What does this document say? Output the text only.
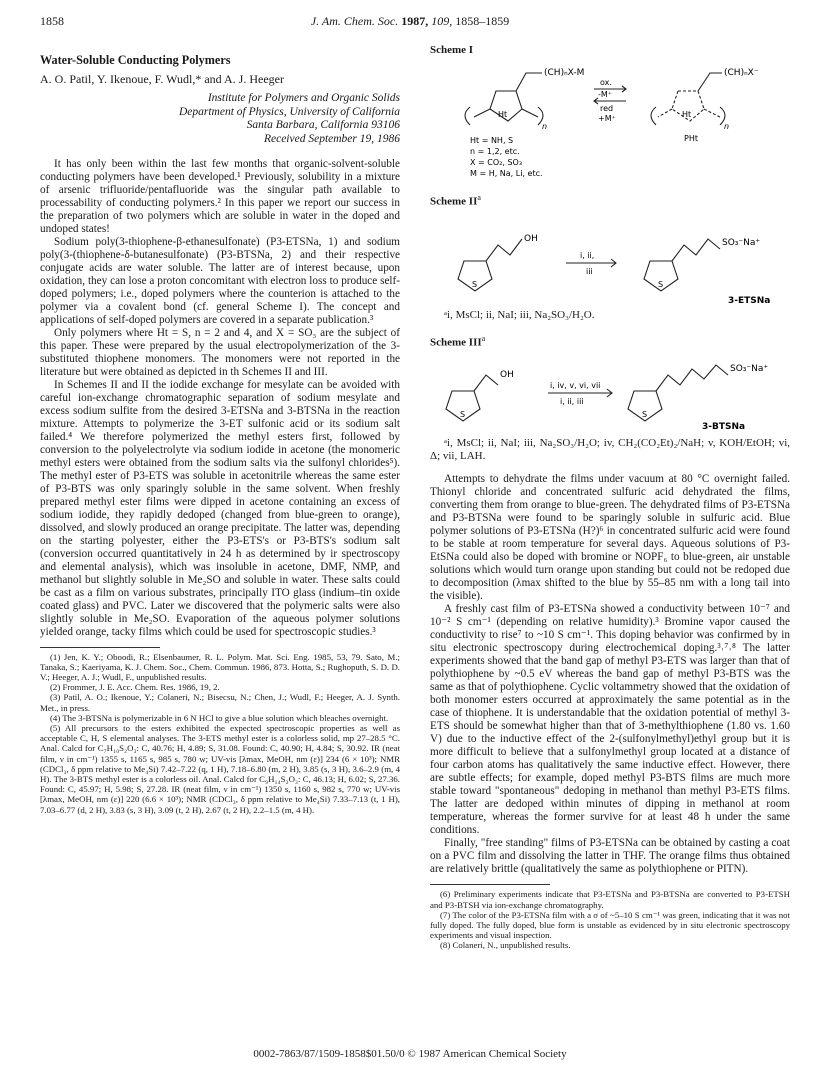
1858	J. Am. Chem. Soc. 1987, 109, 1858–1859
Water-Soluble Conducting Polymers
A. O. Patil, Y. Ikenoue, F. Wudl,* and A. J. Heeger
Institute for Polymers and Organic Solids
Department of Physics, University of California
Santa Barbara, California 93106
Received September 19, 1986

It has only been within the last few months that organic-solvent-soluble conducting polymers have been developed.¹ Previously, solubility in a mixture of arsenic trifluoride/pentafluoride was the singular path available to processability of conducting polymers.² In this paper we report our success in the preparation of two polymers which are soluble in water in the doped and undoped states!

Sodium poly(3-thiophene-β-ethanesulfonate) (P3-ETSNa, 1) and sodium poly(3-(thiophene-δ-butanesulfonate) (P3-BTSNa, 2) and their respective conjugate acids are water soluble. The latter are of interest because, upon oxidation, they can lose a proton concomitant with electron loss to produce self-doped polymers; i.e., doped polymers where the counterion is attached to the polymer via a covalent bond (cf. general Scheme I). The concept and applications of self-doped polymers are covered in a separate publication.³

Only polymers where Ht = S, n = 2 and 4, and X = SO₃ are the subject of this paper. These were prepared by the usual electropolymerization of the 3-substituted thiophene monomers. The monomers were not reported in the literature but were obtained as depicted in th Schemes II and III.

In Schemes II and II the iodide exchange for mesylate can be avoided with careful ion-exchange chromatographic separation of sodium mesylate and excess sodium sulfite from the desired 3-ETSNa and 3-BTSNa in the reaction mixture. Attempts to polymerize the 3-ET sulfonic acid or its sodium salt failed.⁴ We therefore polymerized the methyl esters first, followed by conversion to the polyelectrolyte via sodium iodide in acetone (the monomeric methyl esters were obtained from the sodium salts via the sulfonyl chlorides⁵). The methyl ester of P3-ETS was soluble in acetonitrile whereas the same ester of P3-BTS was only sparingly soluble in the same solvent. When freshly prepared methyl ester films were dipped in acetone containing an excess of sodium iodide, they rapidly dedoped (changed from blue-green to orange), dissolved, and slowly produced an orange precipitate. The latter was, depending on the starting polyester, either the P3-ETS's or P3-BTS's sodium salt (conversion occurred quantitatively in 24 h as determined by ir spectroscopy and elemental analysis), which was insoluble in acetone, DMF, NMP, and methanol but slightly soluble in Me₂SO and soluble in water. These salts could be cast as a film on various substrates, principally ITO glass (indium–tin oxide coated glass) and PVC. Later we discovered that the polymeric salts were also slightly soluble in Me₂SO. Evaporation of the aqueous polymer solutions yielded orange, tacky films which could be used for spectroscopic studies.³

(1) Jen, K. Y.; Oboodi, R.; Elsenbaumer, R. L. Polym. Mat. Sci. Eng. 1985, 53, 79. Sato, M.; Tanaka, S.; Kaeriyama, K. J. Chem. Soc., Chem. Commun. 1986, 873. Hotta, S.; Rughoputh, S. D. D. V.; Heeger, A. J.; Wudl, F., unpublished results.

(2) Frommer, J. E. Acc. Chem. Res. 1986, 19, 2.

(3) Patil, A. O.; Ikenoue, Y.; Colaneri, N.; Bisecsu, N.; Chen, J.; Wudl, F.; Heeger, A. J. Synth. Met., in press.

(4) The 3-BTSNa is polymerizable in 6 N HCl to give a blue solution which bleaches overnight.

(5) All precursors to the esters exhibited the expected spectroscopic properties as well as acceptable C, H, S elemental analyses. The 3-ETS methyl ester is a colorless solid, mp 27–28.5 °C. Anal. Calcd for C₇H₁₀S₂O₃: C, 40.76; H, 4.89; S, 31.08. Found: C, 40.90; H, 4.84; S, 30.92. IR (neat film, ν in cm⁻¹) 1355 s, 1165 s, 985 s, 780 w; UV-vis [λmax, MeOH, nm (ε)] 234 (6 × 10³); NMR (CDCl₃, δ ppm relative to Me₄Si) 7.42–7.22 (q, 1 H), 7.18–6.80 (m, 2 H), 3.85 (s, 3 H), 3.6–2.9 (m, 4 H). The 3-BTS methyl ester is a colorless oil. Anal. Calcd for C₉H₁₄S₂O₃: C, 46.13; H, 6.02; S, 27.36. Found: C, 45.97; H, 5.98; S, 27.28. IR (neat film, ν in cm⁻¹) 1350 s, 1160 s, 982 s, 770 w; UV-vis [λmax, MeOH, nm (ε)] 220 (6.6 × 10³); NMR (CDCl₃, δ ppm relative to Me₄Si) 7.33–7.13 (t, 1 H), 7.03–6.77 (d, 2 H), 3.83 (s, 3 H), 3.09 (t, 2 H), 2.67 (t, 2 H), 2.2–1.5 (m, 4 H).

Scheme I
(CH)ₙX-M
Ht
n
ox.
-M⁺
red
+M⁺
(CH)ₙX⁻
Ht
n
PHt
Ht = NH, S
n = 1,2, etc.
X = CO₂, SO₃
M = H, Na, Li, etc.
Scheme $II^a$
OH
S
i, ii,
iii
S
SO₃⁻Na⁺
3-ETSNa
ᵃi, MsCl; ii, NaI; iii, Na₂SO₃/H₂O.
Scheme III$^a$
OH
S
i, iv, v, vi, vii
i, ii, iii
S
SO₃⁻Na⁺
3-BTSNa
ᵃi, MsCl; ii, NaI; iii, Na₂SO₃/H₂O; iv, CH₂(CO₂Et)₂/NaH; v, KOH/EtOH; vi, Δ; vii, LAH.

Attempts to dehydrate the films under vacuum at 80 °C overnight failed. Thionyl chloride and concentrated sulfuric acid dehydrated the films, converting them from orange to blue-green. The dehydrated films of P3-ETSNa and P3-BTSNa were found to be sparingly soluble in sulfuric acid. Blue polymer solutions of P3-ETSNa (H?)⁶ in concentrated sulfuric acid were found to be stable at room temperature for several days. Aqueous solutions of P3-EtSNa could also be doped with bromine or NOPF₆ to blue-green, air unstable solutions which would turn orange upon standing but could not be redoped due to decomposition (λmax shifted to the blue by 55–85 nm with a long tail into the visible).

A freshly cast film of P3-ETSNa showed a conductivity between 10⁻⁷ and 10⁻² S cm⁻¹ (depending on relative humidity).³ Bromine vapor caused the conductivity to rise⁷ to ~10 S cm⁻¹. This doping behavior was confirmed by in situ electronic spectroscopy during electrochemical doping.³˒⁷˒⁸ The latter experiments showed that the band gap of methyl P3-ETS was larger than that of polythiophene by ~0.5 eV whereas the band gap of methyl P3-BTS was the same as that of polythiophene. Cyclic voltammetry showed that the oxidation of both monomer esters occurred at approximately the same potential as in the case of thiophene. It is understandable that the oxidation potential of methyl 3-ETS should be somewhat higher than that of 3-methylthiophene (1.80 vs. 1.60 V) due to the inductive effect of the 2-(sulfonylmethyl)ethyl group but it is more difficult to believe that a sulfonylmethyl group located at a distance of four carbon atoms has qualitatively the same inductive effect. However, there are subtle effects; for example, doped methyl P3-BTS films are much more stable toward "spontaneous" dedoping in methanol than methyl P3-ETS films. The latter are dedoped within minutes of dipping in methanol at room temperature, whereas the former survive for at least 48 h under the same conditions.

Finally, "free standing" films of P3-ETSNa can be obtained by casting a coat on a PVC film and dissolving the latter in THF. The orange films thus obtained are relatively brittle (qualitatively the same as polythiophene or PITN).

(6) Preliminary experiments indicate that P3-ETSNa and P3-BTSNa are converted to P3-ETSH and P3-BTSH via ion-exchange chromatography.

(7) The color of the P3-ETSNa film with a σ of ~5–10 S cm⁻¹ was green, indicating that it was not fully doped. The fully doped, blue form is unstable as evidenced by in situ electronic spectroscopy experiments and visual inspection.

(8) Colaneri, N., unpublished results.

0002-7863/87/1509-1858$01.50/0 © 1987 American Chemical Society
